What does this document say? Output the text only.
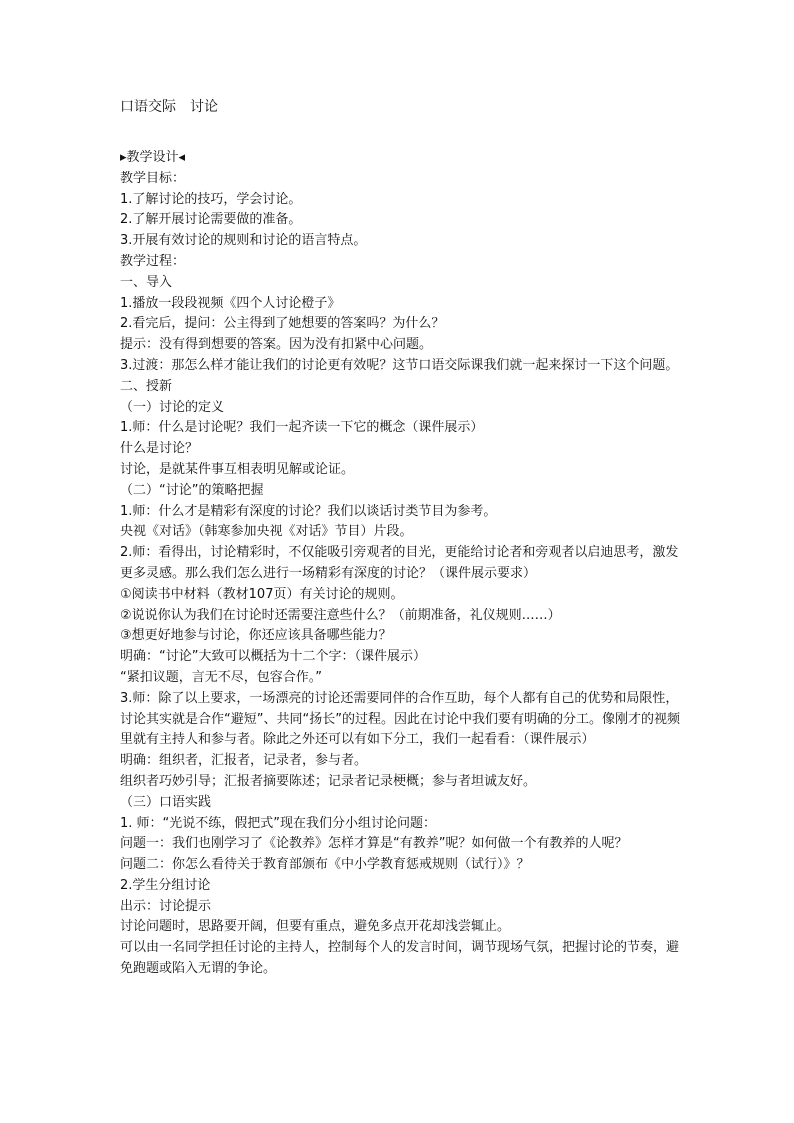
口语交际　讨论

▸教学设计◂

教学目标：

1.了解讨论的技巧，学会讨论。

2.了解开展讨论需要做的准备。

3.开展有效讨论的规则和讨论的语言特点。

教学过程：

一、导入

1.播放一段段视频《四个人讨论橙子》

2.看完后，提问：公主得到了她想要的答案吗？为什么？

提示：没有得到想要的答案。因为没有扣紧中心问题。

3.过渡：那怎么样才能让我们的讨论更有效呢？这节口语交际课我们就一起来探讨一下这个问题。

二、授新

（一）讨论的定义

1.师：什么是讨论呢？我们一起齐读一下它的概念（课件展示）

什么是讨论？

讨论，是就某件事互相表明见解或论证。

（二）“讨论”的策略把握

1.师：什么才是精彩有深度的讨论？我们以谈话讨类节目为参考。

央视《对话》（韩寒参加央视《对话》节目）片段。

2.师：看得出，讨论精彩时，不仅能吸引旁观者的目光，更能给讨论者和旁观者以启迪思考，激发更多灵感。那么我们怎么进行一场精彩有深度的讨论？（课件展示要求）

①阅读书中材料（教材107页）有关讨论的规则。

②说说你认为我们在讨论时还需要注意些什么？（前期准备，礼仪规则……）

③想更好地参与讨论，你还应该具备哪些能力？

明确：“讨论”大致可以概括为十二个字：（课件展示）

“紧扣议题，言无不尽，包容合作。”

3.师：除了以上要求，一场漂亮的讨论还需要同伴的合作互助，每个人都有自己的优势和局限性，讨论其实就是合作“避短”、共同“扬长”的过程。因此在讨论中我们要有明确的分工。像刚才的视频里就有主持人和参与者。除此之外还可以有如下分工，我们一起看看：（课件展示）

明确：组织者，汇报者，记录者，参与者。

组织者巧妙引导；汇报者摘要陈述；记录者记录梗概；参与者坦诚友好。

（三）口语实践

1. 师：“光说不练，假把式”现在我们分小组讨论问题：

问题一：我们也刚学习了《论教养》怎样才算是“有教养”呢？如何做一个有教养的人呢？

问题二：你怎么看待关于教育部颁布《中小学教育惩戒规则（试行）》？

2.学生分组讨论

出示：讨论提示

讨论问题时，思路要开阔，但要有重点，避免多点开花却浅尝辄止。

可以由一名同学担任讨论的主持人，控制每个人的发言时间，调节现场气氛，把握讨论的节奏，避免跑题或陷入无谓的争论。
